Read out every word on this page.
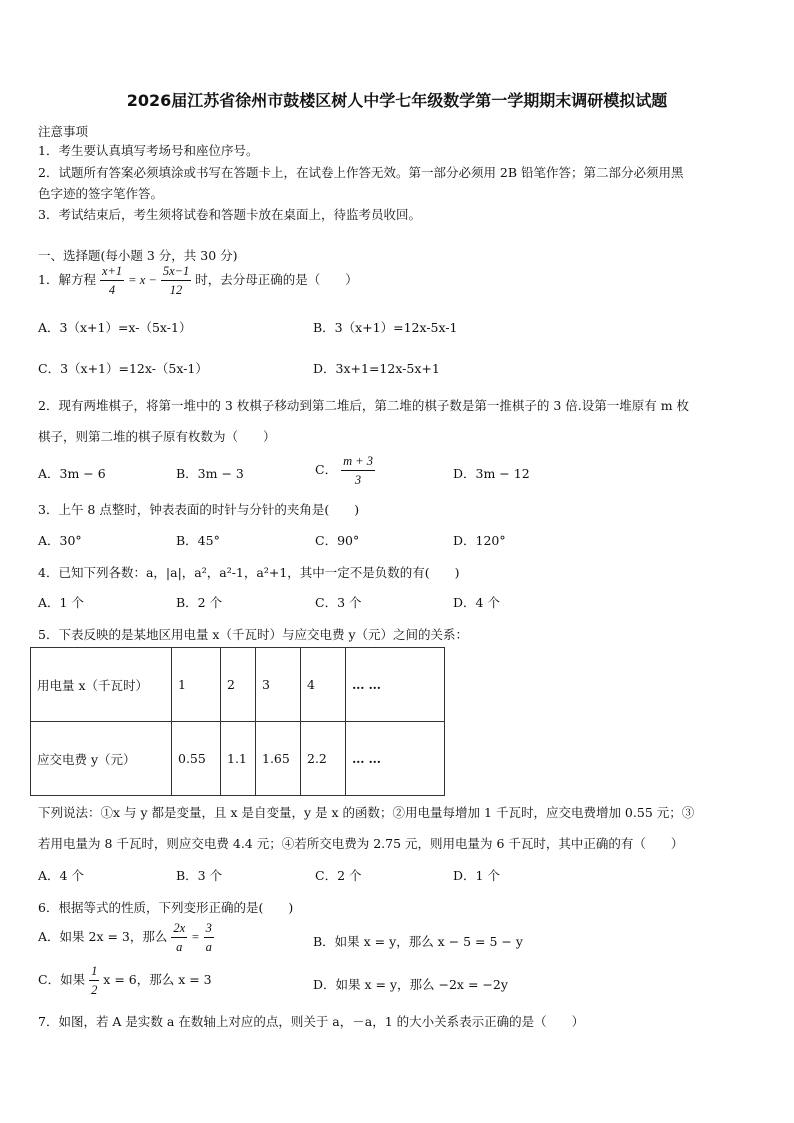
2026届江苏省徐州市鼓楼区树人中学七年级数学第一学期期末调研模拟试题
注意事项
1．考生要认真填写考场号和座位序号。
2．试题所有答案必须填涂或书写在答题卡上，在试卷上作答无效。第一部分必须用 2B 铅笔作答；第二部分必须用黑
色字迹的签字笔作答。
3．考试结束后，考生须将试卷和答题卡放在桌面上，待监考员收回。
一、选择题(每小题 3 分，共 30 分)
1．解方程 $\frac{x+1}{4} = x - \frac{5x-1}{12}$ 时，去分母正确的是（　　）
A．3（x+1）=x-（5x-1）	B．3（x+1）=12x-5x-1
C．3（x+1）=12x-（5x-1）	D．3x+1=12x-5x+1
2．现有两堆棋子，将第一堆中的 3 枚棋子移动到第二堆后，第二堆的棋子数是第一推棋子的 3 倍.设第一堆原有 m 枚
棋子，则第二堆的棋子原有枚数为（　　）
A．3m − 6	B．3m − 3	C． $\frac{m + 3}{3}$	D．3m − 12
3．上午 8 点整时，钟表表面的时针与分针的夹角是(　　)
A．30°	B．45°	C．90°	D．120°
4．已知下列各数：a，|a|，a²，a²-1，a²+1，其中一定不是负数的有(　　)
A．1 个	B．2 个	C．3 个	D．4 个
5．下表反映的是某地区用电量 x（千瓦时）与应交电费 y（元）之间的关系：
用电量 x（千瓦时）	1	2	3	4	……
应交电费 y（元）	0.55	1.1	1.65	2.2	……
下列说法：①x 与 y 都是变量，且 x 是自变量，y 是 x 的函数；②用电量每增加 1 千瓦时，应交电费增加 0.55 元；③
若用电量为 8 千瓦时，则应交电费 4.4 元；④若所交电费为 2.75 元，则用电量为 6 千瓦时，其中正确的有（　　）
A．4 个	B．3 个	C．2 个	D．1 个
6．根据等式的性质，下列变形正确的是(　　)
A．如果 2x = 3，那么 $\frac{2x}{a} = \frac{3}{a}$	B．如果 x = y，那么 x − 5 = 5 − y
C．如果 $\frac{1}{2}$ x = 6，那么 x = 3	D．如果 x = y，那么 −2x = −2y
7．如图，若 A 是实数 a 在数轴上对应的点，则关于 a，－a，1 的大小关系表示正确的是（　　）
